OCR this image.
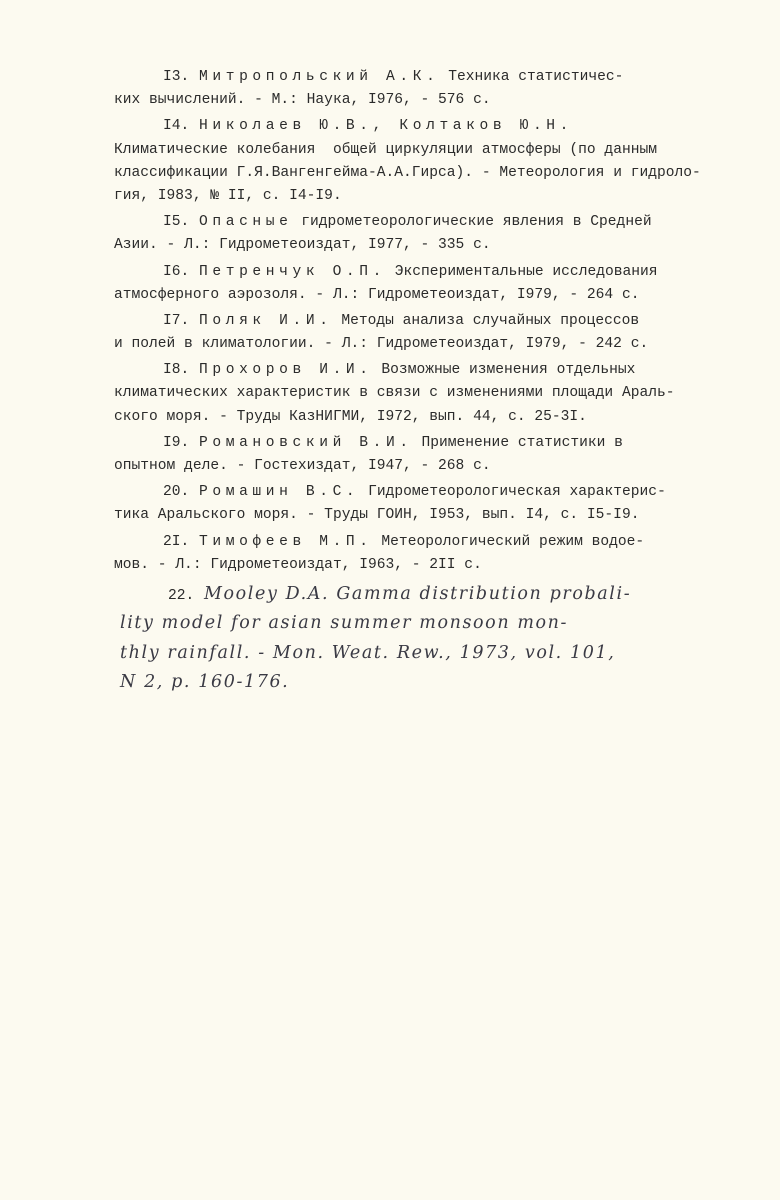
I3. Митропольский А.К. Техника статистичес-
ких вычислений. - М.: Наука, I976, - 576 с.
I4. Николаев Ю.В., Колтаков Ю.Н.
Климатические колебания  общей циркуляции атмосферы (по данным
классификации Г.Я.Вангенгейма-А.А.Гирса). - Метеорология и гидроло-
гия, I983, № II, с. I4-I9.
I5. Опасные гидрометеорологические явления в Средней
Азии. - Л.: Гидрометеоиздат, I977, - 335 с.
I6. Петренчук О.П. Экспериментальные исследования
атмосферного аэрозоля. - Л.: Гидрометеоиздат, I979, - 264 с.
I7. Поляк И.И. Методы анализа случайных процессов
и полей в климатологии. - Л.: Гидрометеоиздат, I979, - 242 с.
I8. Прохоров И.И. Возможные изменения отдельных
климатических характеристик в связи с изменениями площади Араль-
ского моря. - Труды КазНИГМИ, I972, вып. 44, с. 25-3I.
I9. Романовский В.И. Применение статистики в
опытном деле. - Гостехиздат, I947, - 268 с.
20. Ромашин В.С. Гидрометеорологическая характерис-
тика Аральского моря. - Труды ГОИН, I953, вып. I4, с. I5-I9.
2I. Тимофеев М.П. Метеорологический режим водое-
мов. - Л.: Гидрометеоиздат, I963, - 2II с.
22. Mooley D.A. Gamma distribution probali-
lity model for asian summer monsoon mon-
thly rainfall. - Mon. Weat. Rew., 1973, vol. 101,
N 2, p. 160-176.
